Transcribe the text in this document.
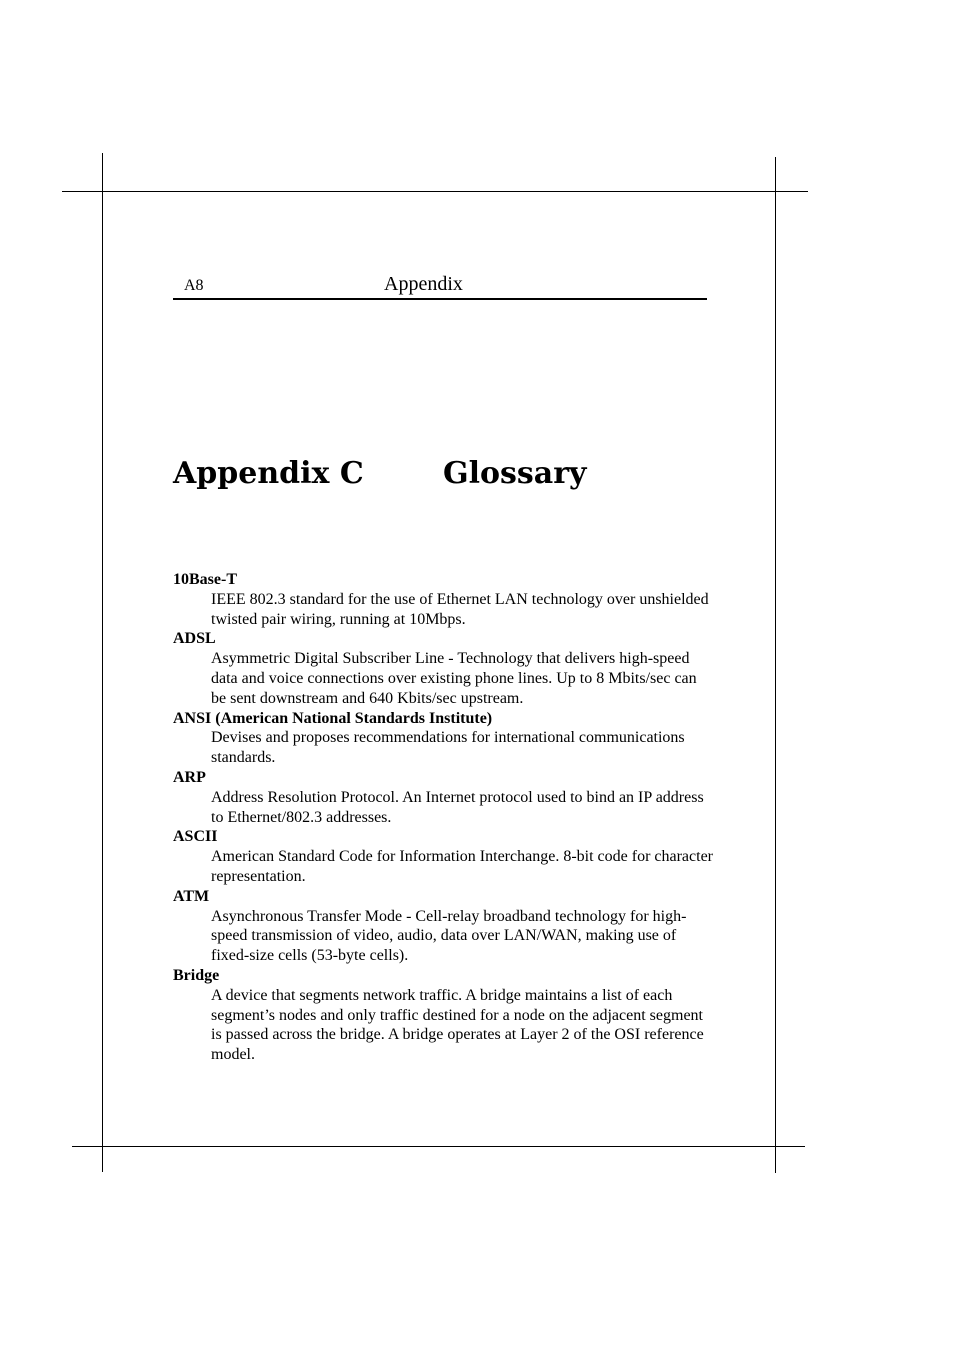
A8	Appendix
Appendix C	Glossary
10Base-T
IEEE 802.3 standard for the use of Ethernet LAN technology over unshielded twisted pair wiring, running at 10Mbps.
ADSL
Asymmetric Digital Subscriber Line - Technology that delivers high-speed data and voice connections over existing phone lines. Up to 8 Mbits/sec can be sent downstream and 640 Kbits/sec upstream.
ANSI (American National Standards Institute)
Devises and proposes recommendations for international communications standards.
ARP
Address Resolution Protocol. An Internet protocol used to bind an IP address to Ethernet/802.3 addresses.
ASCII
American Standard Code for Information Interchange. 8-bit code for character representation.
ATM
Asynchronous Transfer Mode - Cell-relay broadband technology for high-speed transmission of video, audio, data over LAN/WAN, making use of fixed-size cells (53-byte cells).
Bridge
A device that segments network traffic. A bridge maintains a list of each segment’s nodes and only traffic destined for a node on the adjacent segment is passed across the bridge. A bridge operates at Layer 2 of the OSI reference model.
